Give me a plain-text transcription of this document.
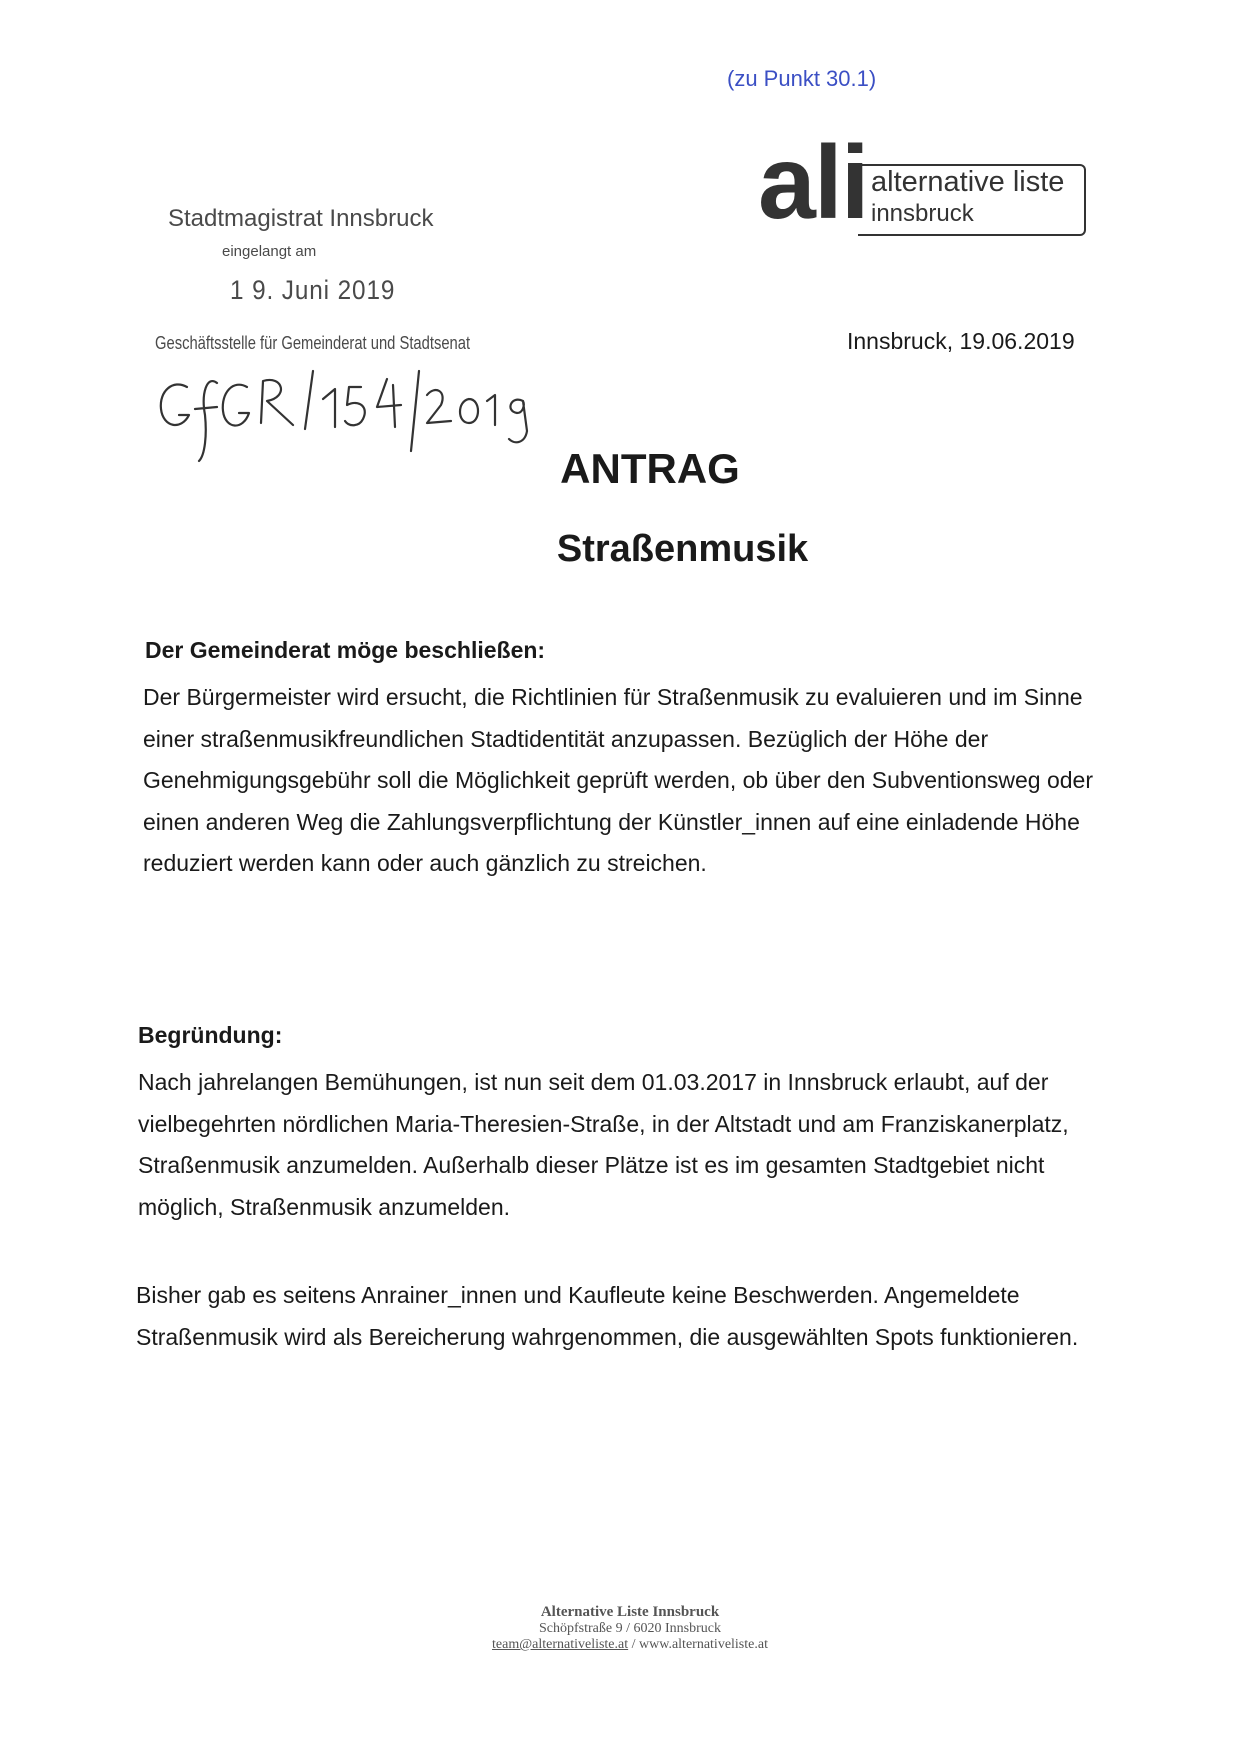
(zu Punkt 30.1)
ali alternative liste
innsbruck
Stadtmagistrat Innsbruck
eingelangt am
1 9. Juni 2019
Geschäftsstelle für Gemeinderat und Stadtsenat	Innsbruck, 19.06.2019
ANTRAG
Straßenmusik
Der Gemeinderat möge beschließen:
Der Bürgermeister wird ersucht, die Richtlinien für Straßenmusik zu evaluieren und im Sinne einer straßenmusikfreundlichen Stadtidentität anzupassen. Bezüglich der Höhe der Genehmigungsgebühr soll die Möglichkeit geprüft werden, ob über den Subventionsweg oder einen anderen Weg die Zahlungsverpflichtung der Künstler_innen auf eine einladende Höhe reduziert werden kann oder auch gänzlich zu streichen.
Begründung:
Nach jahrelangen Bemühungen, ist nun seit dem 01.03.2017 in Innsbruck erlaubt, auf der vielbegehrten nördlichen Maria-Theresien-Straße, in der Altstadt und am Franziskanerplatz, Straßenmusik anzumelden. Außerhalb dieser Plätze ist es im gesamten Stadtgebiet nicht möglich, Straßenmusik anzumelden.
Bisher gab es seitens Anrainer_innen und Kaufleute keine Beschwerden. Angemeldete Straßenmusik wird als Bereicherung wahrgenommen, die ausgewählten Spots funktionieren.
Alternative Liste Innsbruck
Schöpfstraße 9 / 6020 Innsbruck
team@alternativeliste.at / www.alternativeliste.at
